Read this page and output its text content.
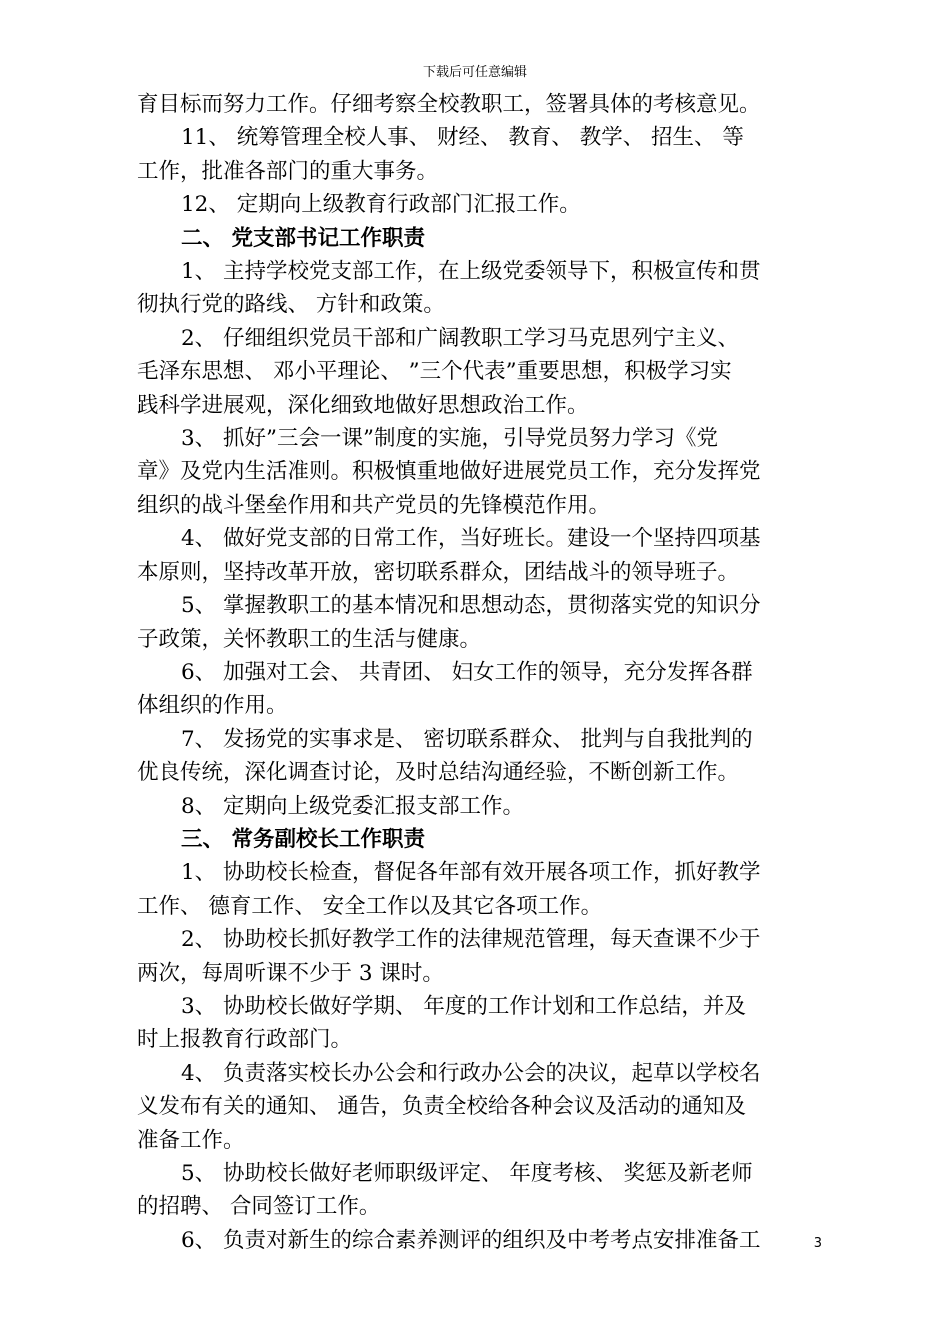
下载后可任意编辑

育目标而努力工作。仔细考察全校教职工，签署具体的考核意见。

11、 统筹管理全校人事、 财经、 教育、 教学、 招生、 等

工作，批准各部门的重大事务。

12、 定期向上级教育行政部门汇报工作。

二、 党支部书记工作职责

1、 主持学校党支部工作，在上级党委领导下，积极宣传和贯

彻执行党的路线、 方针和政策。

2、 仔细组织党员干部和广阔教职工学习马克思列宁主义、

毛泽东思想、 邓小平理论、 ”三个代表”重要思想，积极学习实

践科学进展观，深化细致地做好思想政治工作。

3、 抓好”三会一课”制度的实施，引导党员努力学习《党

章》及党内生活准则。积极慎重地做好进展党员工作，充分发挥党

组织的战斗堡垒作用和共产党员的先锋模范作用。

4、 做好党支部的日常工作，当好班长。建设一个坚持四项基

本原则，坚持改革开放，密切联系群众，团结战斗的领导班子。

5、 掌握教职工的基本情况和思想动态，贯彻落实党的知识分

子政策，关怀教职工的生活与健康。

6、 加强对工会、 共青团、 妇女工作的领导，充分发挥各群

体组织的作用。

7、 发扬党的实事求是、 密切联系群众、 批判与自我批判的

优良传统，深化调查讨论，及时总结沟通经验，不断创新工作。

8、 定期向上级党委汇报支部工作。

三、 常务副校长工作职责

1、 协助校长检查，督促各年部有效开展各项工作，抓好教学

工作、 德育工作、 安全工作以及其它各项工作。

2、 协助校长抓好教学工作的法律规范管理，每天查课不少于

两次，每周听课不少于 3 课时。

3、 协助校长做好学期、 年度的工作计划和工作总结，并及

时上报教育行政部门。

4、 负责落实校长办公会和行政办公会的决议，起草以学校名

义发布有关的通知、 通告，负责全校给各种会议及活动的通知及

准备工作。

5、 协助校长做好老师职级评定、 年度考核、 奖惩及新老师

的招聘、 合同签订工作。

6、 负责对新生的综合素养测评的组织及中考考点安排准备工	3
